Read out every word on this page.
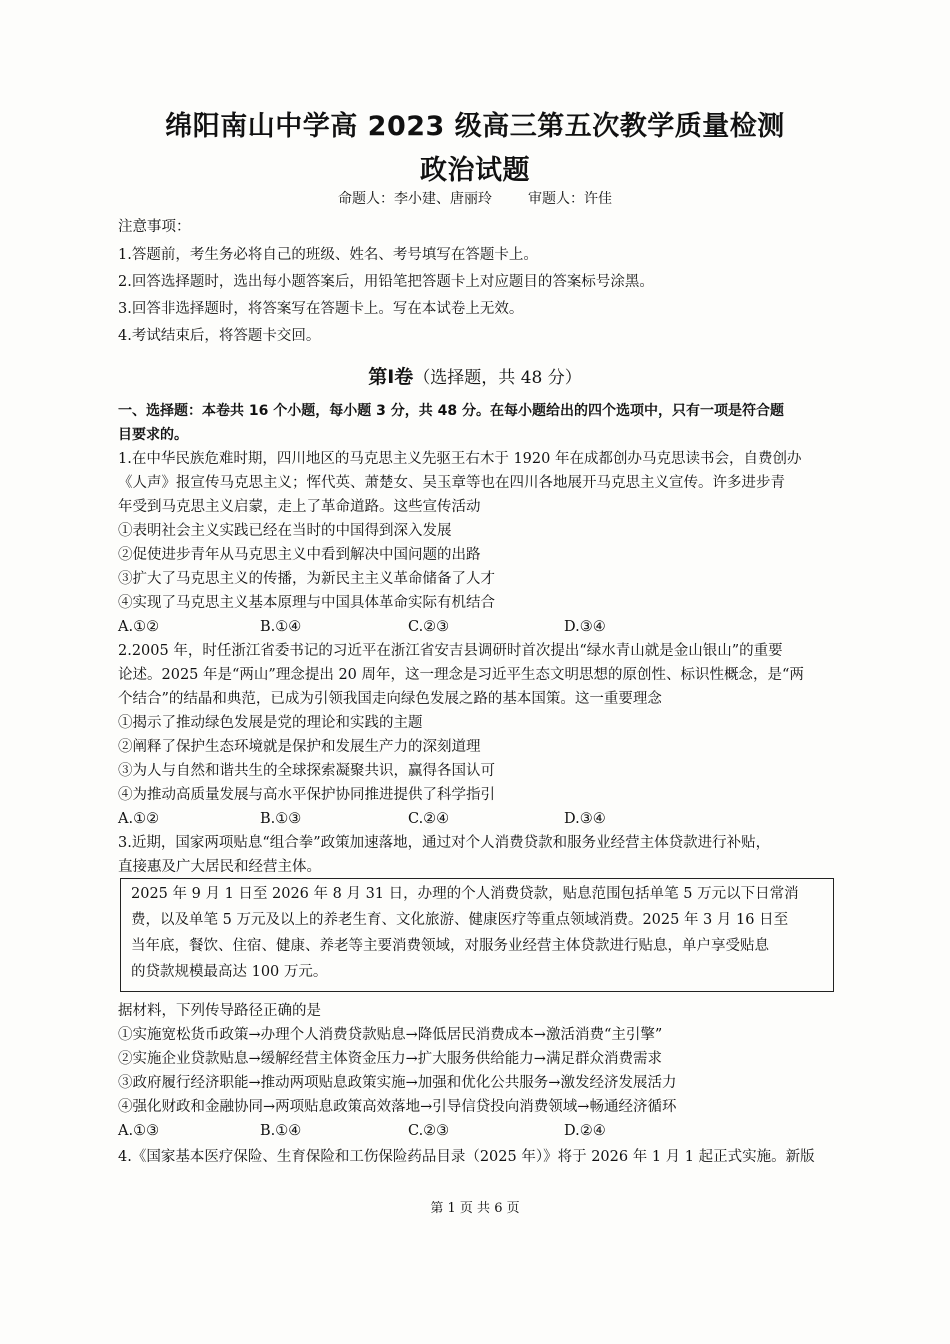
绵阳南山中学高 2023 级高三第五次教学质量检测
政治试题
命题人：李小建、唐丽玲	审题人：许佳
注意事项：
1.答题前，考生务必将自己的班级、姓名、考号填写在答题卡上。
2.回答选择题时，选出每小题答案后，用铅笔把答题卡上对应题目的答案标号涂黑。
3.回答非选择题时，将答案写在答题卡上。写在本试卷上无效。
4.考试结束后，将答题卡交回。
第Ⅰ卷（选择题，共 48 分）
一、选择题：本卷共 16 个小题，每小题 3 分，共 48 分。在每小题给出的四个选项中，只有一项是符合题
目要求的。
1.在中华民族危难时期，四川地区的马克思主义先驱王右木于 1920 年在成都创办马克思读书会，自费创办
《人声》报宣传马克思主义；恽代英、萧楚女、吴玉章等也在四川各地展开马克思主义宣传。许多进步青
年受到马克思主义启蒙，走上了革命道路。这些宣传活动
①表明社会主义实践已经在当时的中国得到深入发展
②促使进步青年从马克思主义中看到解决中国问题的出路
③扩大了马克思主义的传播，为新民主主义革命储备了人才
④实现了马克思主义基本原理与中国具体革命实际有机结合
A.①②	B.①④	C.②③	D.③④
2.2005 年，时任浙江省委书记的习近平在浙江省安吉县调研时首次提出“绿水青山就是金山银山”的重要
论述。2025 年是“两山”理念提出 20 周年，这一理念是习近平生态文明思想的原创性、标识性概念，是“两
个结合”的结晶和典范，已成为引领我国走向绿色发展之路的基本国策。这一重要理念
①揭示了推动绿色发展是党的理论和实践的主题
②阐释了保护生态环境就是保护和发展生产力的深刻道理
③为人与自然和谐共生的全球探索凝聚共识，赢得各国认可
④为推动高质量发展与高水平保护协同推进提供了科学指引
A.①②	B.①③	C.②④	D.③④
3.近期，国家两项贴息“组合拳”政策加速落地，通过对个人消费贷款和服务业经营主体贷款进行补贴，
直接惠及广大居民和经营主体。
2025 年 9 月 1 日至 2026 年 8 月 31 日，办理的个人消费贷款，贴息范围包括单笔 5 万元以下日常消
费，以及单笔 5 万元及以上的养老生育、文化旅游、健康医疗等重点领域消费。2025 年 3 月 16 日至
当年底，餐饮、住宿、健康、养老等主要消费领域，对服务业经营主体贷款进行贴息，单户享受贴息
的贷款规模最高达 100 万元。
据材料，下列传导路径正确的是
①实施宽松货币政策→办理个人消费贷款贴息→降低居民消费成本→激活消费“主引擎”
②实施企业贷款贴息→缓解经营主体资金压力→扩大服务供给能力→满足群众消费需求
③政府履行经济职能→推动两项贴息政策实施→加强和优化公共服务→激发经济发展活力
④强化财政和金融协同→两项贴息政策高效落地→引导信贷投向消费领域→畅通经济循环
A.①③	B.①④	C.②③	D.②④
4.《国家基本医疗保险、生育保险和工伤保险药品目录（2025 年）》将于 2026 年 1 月 1 起正式实施。新版
第 1 页 共 6 页
